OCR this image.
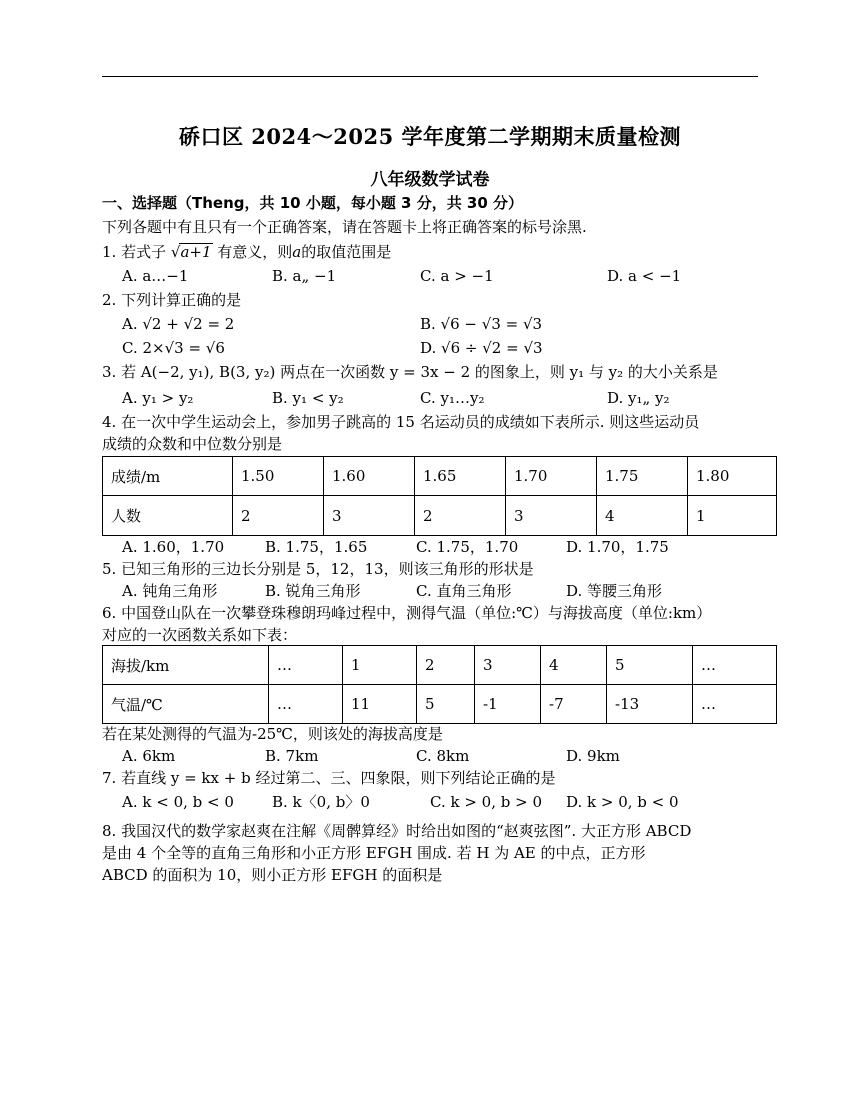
硚口区 2024～2025 学年度第二学期期末质量检测
八年级数学试卷
一、选择题（Theng，共 10 小题，每小题 3 分，共 30 分）
下列各题中有且只有一个正确答案，请在答题卡上将正确答案的标号涂黑.
1. 若式子 √a+1 有意义，则a的取值范围是
A. a…−1	B. a„ −1	C. a > −1	D. a < −1
2. 下列计算正确的是
A. √2 + √2 = 2	B. √6 − √3 = √3
C. 2×√3 = √6	D. √6 ÷ √2 = √3
3. 若 A(−2, y₁), B(3, y₂) 两点在一次函数 y = 3x − 2 的图象上，则 y₁ 与 y₂ 的大小关系是
A. y₁ > y₂	B. y₁ < y₂	C. y₁…y₂	D. y₁„ y₂
4. 在一次中学生运动会上，参加男子跳高的 15 名运动员的成绩如下表所示. 则这些运动员
成绩的众数和中位数分别是
成绩/m	1.50	1.60	1.65	1.70	1.75	1.80
人数	2	3	2	3	4	1
A. 1.60，1.70	B. 1.75，1.65	C. 1.75，1.70	D. 1.70，1.75
5. 已知三角形的三边长分别是 5，12，13，则该三角形的形状是
A. 钝角三角形	B. 锐角三角形	C. 直角三角形	D. 等腰三角形
6. 中国登山队在一次攀登珠穆朗玛峰过程中，测得气温（单位:℃）与海拔高度（单位:km）
对应的一次函数关系如下表：
海拔/km	…	1	2	3	4	5	…
气温/℃	…	11	5	-1	-7	-13	…
若在某处测得的气温为-25℃，则该处的海拔高度是
A. 6km	B. 7km	C. 8km	D. 9km
7. 若直线 y = kx + b 经过第二、三、四象限，则下列结论正确的是
A. k < 0, b < 0	B. k〈0, b〉0	C. k > 0, b > 0 D. k > 0, b < 0
8. 我国汉代的数学家赵爽在注解《周髀算经》时给出如图的“赵爽弦图”. 大正方形 ABCD
是由 4 个全等的直角三角形和小正方形 EFGH 围成. 若 H 为 AE 的中点，正方形
ABCD 的面积为 10，则小正方形 EFGH 的面积是
